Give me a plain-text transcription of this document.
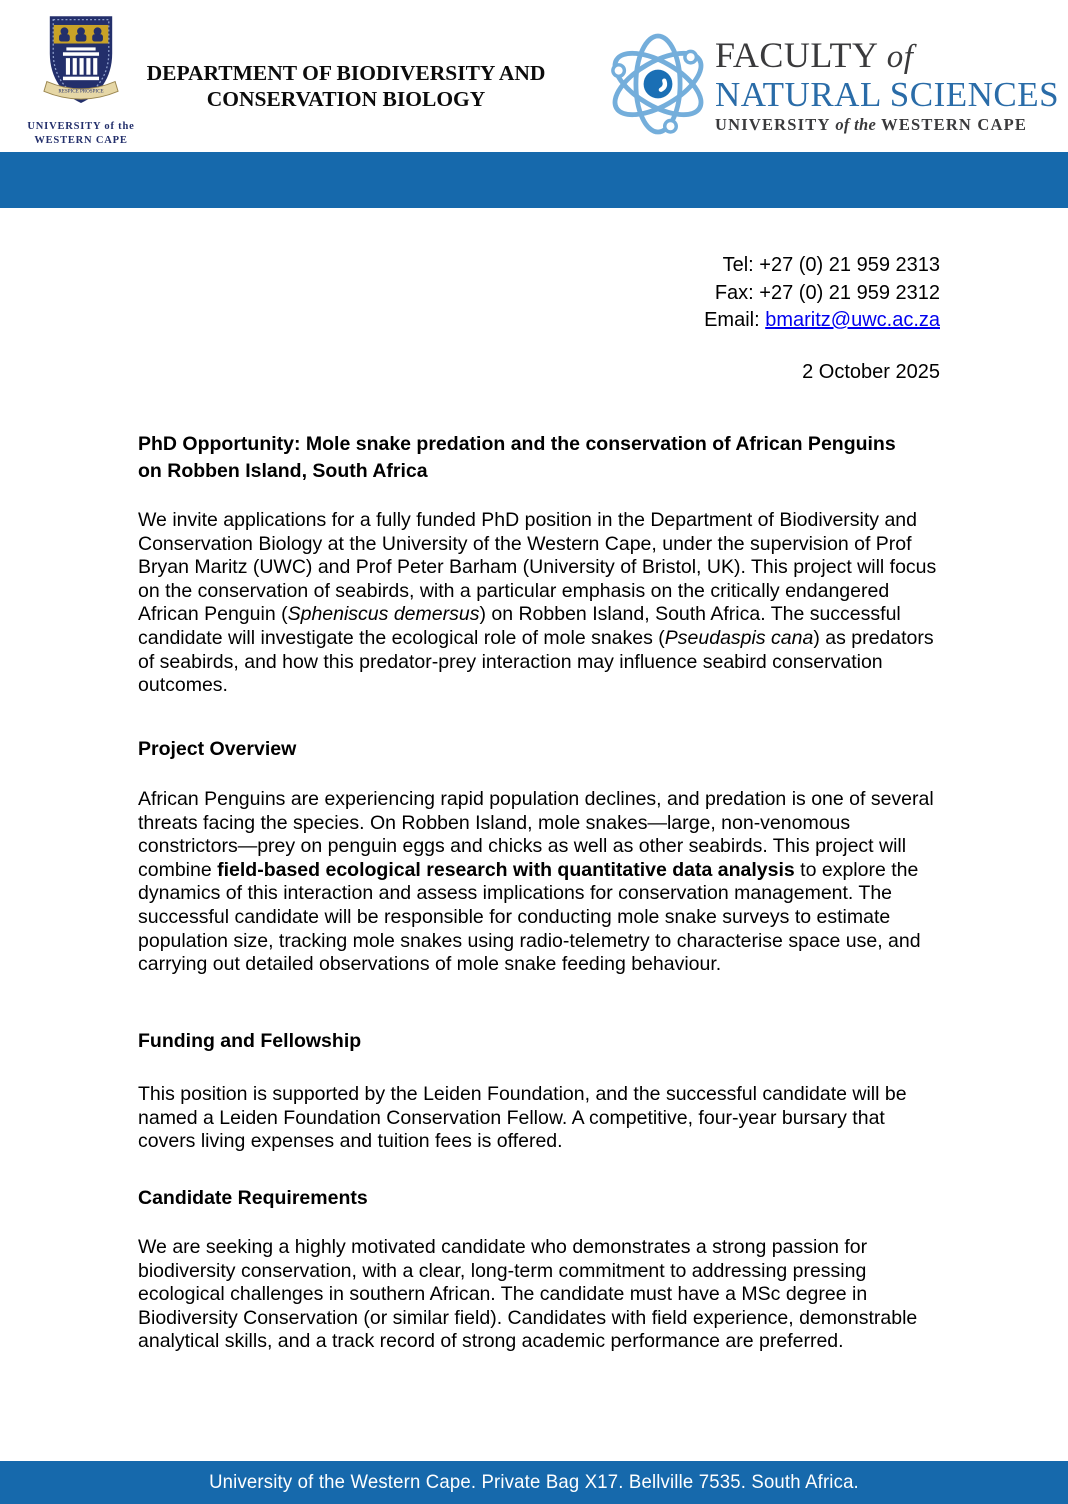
RESPICE PROSPICE
UNIVERSITY of the
WESTERN CAPE
DEPARTMENT OF BIODIVERSITY AND
CONSERVATION BIOLOGY
FACULTY of
NATURAL SCIENCES
UNIVERSITY of the WESTERN CAPE
Tel: +27 (0) 21 959 2313
Fax: +27 (0) 21 959 2312
Email: bmaritz@uwc.ac.za
2 October 2025
PhD Opportunity: Mole snake predation and the conservation of African Penguins on Robben Island, South Africa

We invite applications for a fully funded PhD position in the Department of Biodiversity and Conservation Biology at the University of the Western Cape, under the supervision of Prof Bryan Maritz (UWC) and Prof Peter Barham (University of Bristol, UK). This project will focus on the conservation of seabirds, with a particular emphasis on the critically endangered African Penguin (Spheniscus demersus) on Robben Island, South Africa. The successful candidate will investigate the ecological role of mole snakes (Pseudaspis cana) as predators of seabirds, and how this predator-prey interaction may influence seabird conservation outcomes.

Project Overview

African Penguins are experiencing rapid population declines, and predation is one of several threats facing the species. On Robben Island, mole snakes—large, non-venomous constrictors—prey on penguin eggs and chicks as well as other seabirds. This project will combine field-based ecological research with quantitative data analysis to explore the dynamics of this interaction and assess implications for conservation management. The successful candidate will be responsible for conducting mole snake surveys to estimate population size, tracking mole snakes using radio-telemetry to characterise space use, and carrying out detailed observations of mole snake feeding behaviour.

Funding and Fellowship

This position is supported by the Leiden Foundation, and the successful candidate will be named a Leiden Foundation Conservation Fellow. A competitive, four-year bursary that covers living expenses and tuition fees is offered.

Candidate Requirements

We are seeking a highly motivated candidate who demonstrates a strong passion for biodiversity conservation, with a clear, long-term commitment to addressing pressing ecological challenges in southern African. The candidate must have a MSc degree in Biodiversity Conservation (or similar field). Candidates with field experience, demonstrable analytical skills, and a track record of strong academic performance are preferred.

University of the Western Cape. Private Bag X17. Bellville 7535. South Africa.
